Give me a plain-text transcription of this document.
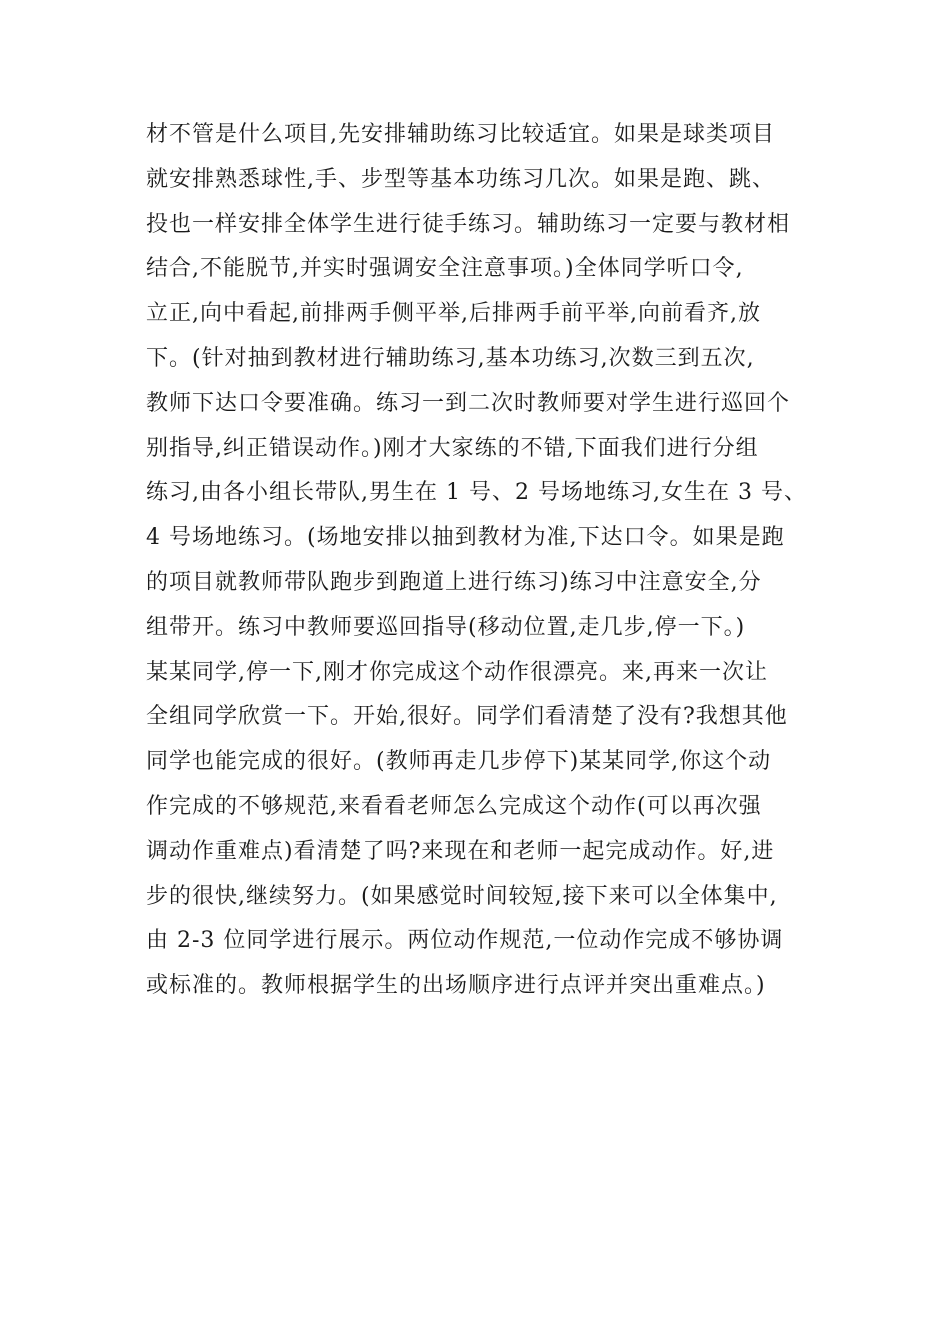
材不管是什么项目,先安排辅助练习比较适宜。如果是球类项目
就安排熟悉球性,手、步型等基本功练习几次。如果是跑、跳、
投也一样安排全体学生进行徒手练习。辅助练习一定要与教材相
结合,不能脱节,并实时强调安全注意事项。)全体同学听口令,
立正,向中看起,前排两手侧平举,后排两手前平举,向前看齐,放
下。(针对抽到教材进行辅助练习,基本功练习,次数三到五次,
教师下达口令要准确。练习一到二次时教师要对学生进行巡回个
别指导,纠正错误动作。)刚才大家练的不错,下面我们进行分组
练习,由各小组长带队,男生在 1 号、2 号场地练习,女生在 3 号、
4 号场地练习。(场地安排以抽到教材为准,下达口令。如果是跑
的项目就教师带队跑步到跑道上进行练习)练习中注意安全,分
组带开。练习中教师要巡回指导(移动位置,走几步,停一下。)
某某同学,停一下,刚才你完成这个动作很漂亮。来,再来一次让
全组同学欣赏一下。开始,很好。同学们看清楚了没有?我想其他
同学也能完成的很好。(教师再走几步停下)某某同学,你这个动
作完成的不够规范,来看看老师怎么完成这个动作(可以再次强
调动作重难点)看清楚了吗?来现在和老师一起完成动作。好,进
步的很快,继续努力。(如果感觉时间较短,接下来可以全体集中,
由 2-3 位同学进行展示。两位动作规范,一位动作完成不够协调
或标准的。教师根据学生的出场顺序进行点评并突出重难点。)
